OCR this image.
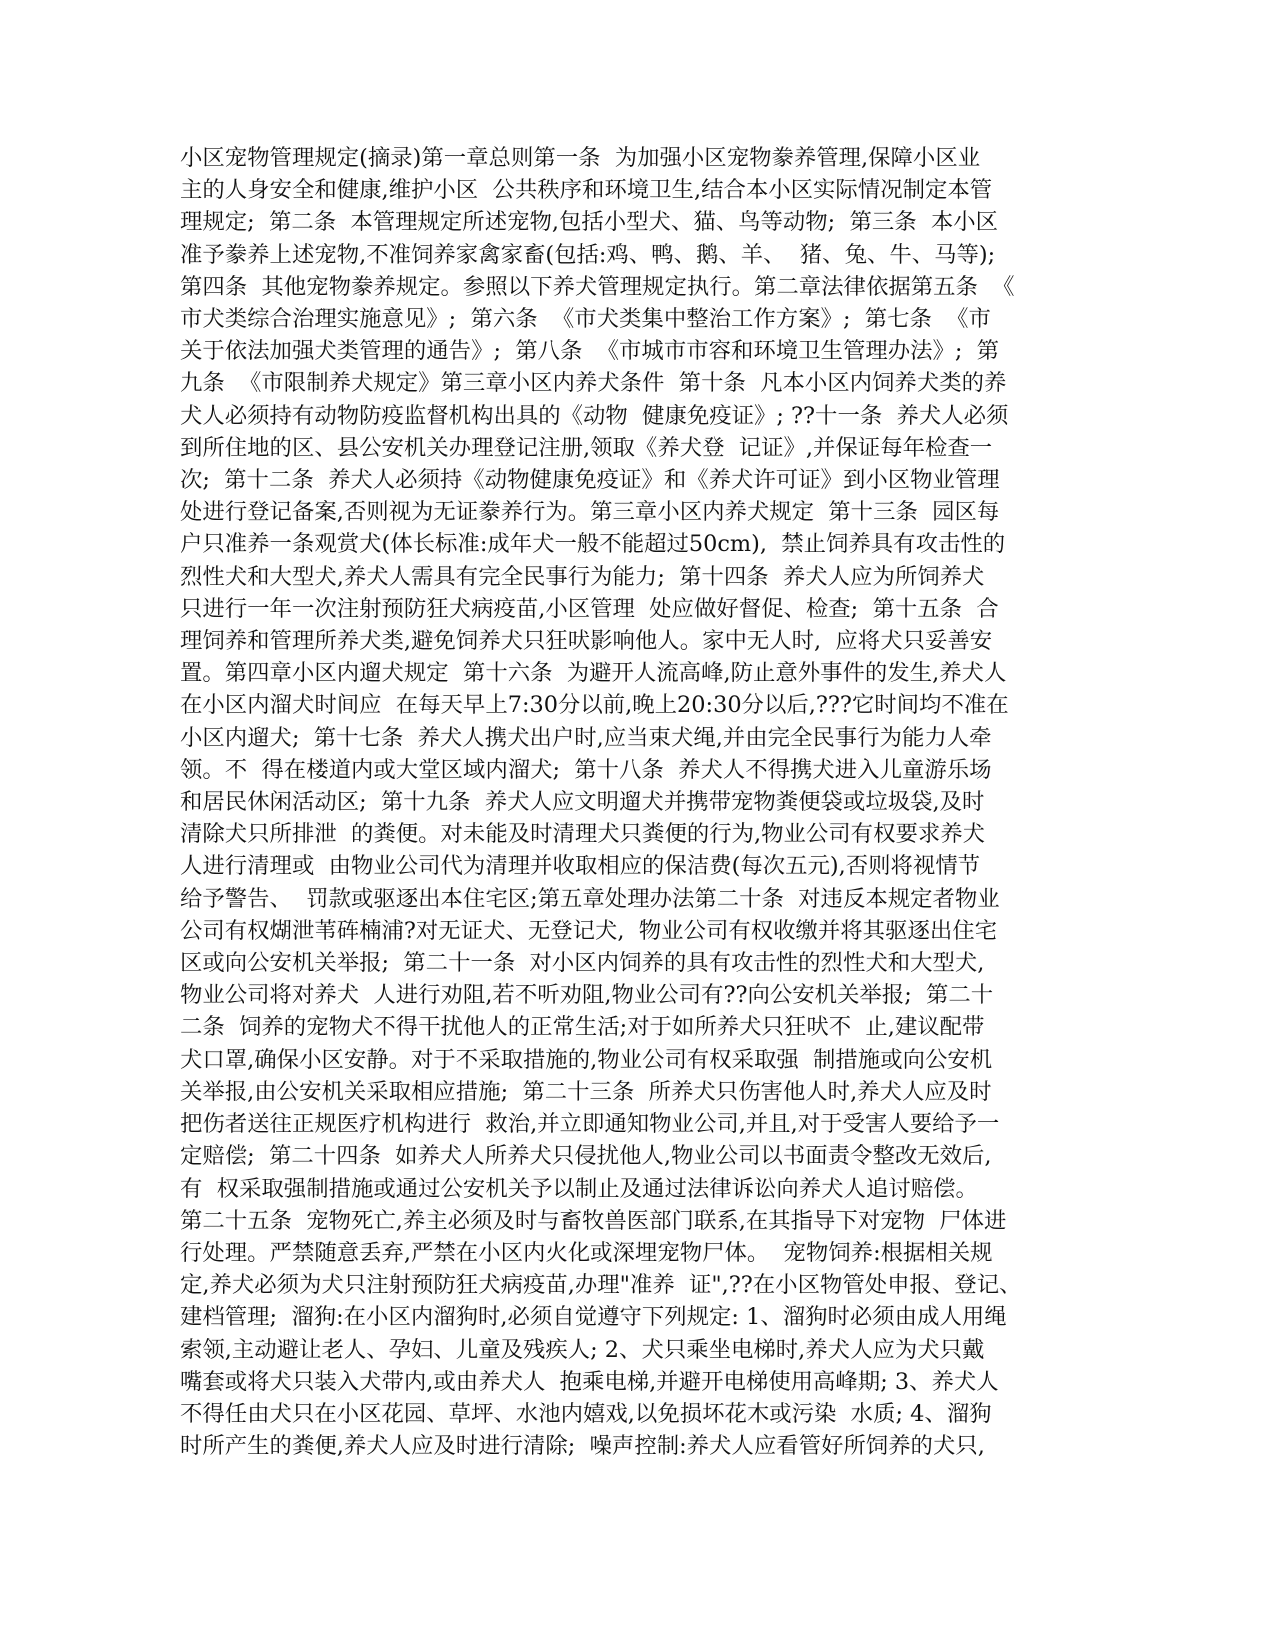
小区宠物管理规定(摘录)第一章总则第一条  为加强小区宠物豢养管理,保障小区业
主的人身安全和健康,维护小区  公共秩序和环境卫生,结合本小区实际情况制定本管
理规定;  第二条  本管理规定所述宠物,包括小型犬、猫、鸟等动物;  第三条  本小区
准予豢养上述宠物,不准饲养家禽家畜(包括:鸡、鸭、鹅、羊、  猪、兔、牛、马等);
第四条  其他宠物豢养规定。参照以下养犬管理规定执行。第二章法律依据第五条  《
市犬类综合治理实施意见》;  第六条  《市犬类集中整治工作方案》;  第七条  《市
关于依法加强犬类管理的通告》;  第八条  《市城市市容和环境卫生管理办法》;  第
九条  《市限制养犬规定》第三章小区内养犬条件  第十条  凡本小区内饲养犬类的养
犬人必须持有动物防疫监督机构出具的《动物  健康免疫证》; ??十一条  养犬人必须
到所住地的区、县公安机关办理登记注册,领取《养犬登  记证》,并保证每年检查一
次;  第十二条  养犬人必须持《动物健康免疫证》和《养犬许可证》到小区物业管理
处进行登记备案,否则视为无证豢养行为。第三章小区内养犬规定  第十三条  园区每
户只准养一条观赏犬(体长标准:成年犬一般不能超过50cm),  禁止饲养具有攻击性的
烈性犬和大型犬,养犬人需具有完全民事行为能力;  第十四条  养犬人应为所饲养犬
只进行一年一次注射预防狂犬病疫苗,小区管理  处应做好督促、检查;  第十五条  合
理饲养和管理所养犬类,避免饲养犬只狂吠影响他人。家中无人时,  应将犬只妥善安
置。第四章小区内遛犬规定  第十六条  为避开人流高峰,防止意外事件的发生,养犬人
在小区内溜犬时间应  在每天早上7:30分以前,晚上20:30分以后,???它时间均不准在
小区内遛犬;  第十七条  养犬人携犬出户时,应当束犬绳,并由完全民事行为能力人牵
领。不  得在楼道内或大堂区域内溜犬;  第十八条  养犬人不得携犬进入儿童游乐场
和居民休闲活动区;  第十九条  养犬人应文明遛犬并携带宠物粪便袋或垃圾袋,及时
清除犬只所排泄  的粪便。对未能及时清理犬只粪便的行为,物业公司有权要求养犬
人进行清理或  由物业公司代为清理并收取相应的保洁费(每次五元),否则将视情节
给予警告、  罚款或驱逐出本住宅区;第五章处理办法第二十条  对违反本规定者物业
公司有权煳泄苇砗楠浦?对无证犬、无登记犬,  物业公司有权收缴并将其驱逐出住宅
区或向公安机关举报;  第二十一条  对小区内饲养的具有攻击性的烈性犬和大型犬,
物业公司将对养犬  人进行劝阻,若不听劝阻,物业公司有??向公安机关举报;  第二十
二条  饲养的宠物犬不得干扰他人的正常生活;对于如所养犬只狂吠不  止,建议配带
犬口罩,确保小区安静。对于不采取措施的,物业公司有权采取强  制措施或向公安机
关举报,由公安机关采取相应措施;  第二十三条  所养犬只伤害他人时,养犬人应及时
把伤者送往正规医疗机构进行  救治,并立即通知物业公司,并且,对于受害人要给予一
定赔偿;  第二十四条  如养犬人所养犬只侵扰他人,物业公司以书面责令整改无效后,
有  权采取强制措施或通过公安机关予以制止及通过法律诉讼向养犬人追讨赔偿。
第二十五条  宠物死亡,养主必须及时与畜牧兽医部门联系,在其指导下对宠物  尸体进
行处理。严禁随意丢弃,严禁在小区内火化或深埋宠物尸体。  宠物饲养:根据相关规
定,养犬必须为犬只注射预防狂犬病疫苗,办理"准养  证",??在小区物管处申报、登记、
建档管理;  溜狗:在小区内溜狗时,必须自觉遵守下列规定: 1、溜狗时必须由成人用绳
索领,主动避让老人、孕妇、儿童及残疾人; 2、犬只乘坐电梯时,养犬人应为犬只戴
嘴套或将犬只装入犬带内,或由养犬人  抱乘电梯,并避开电梯使用高峰期; 3、养犬人
不得任由犬只在小区花园、草坪、水池内嬉戏,以免损坏花木或污染  水质; 4、溜狗
时所产生的粪便,养犬人应及时进行清除;  噪声控制:养犬人应看管好所饲养的犬只,
